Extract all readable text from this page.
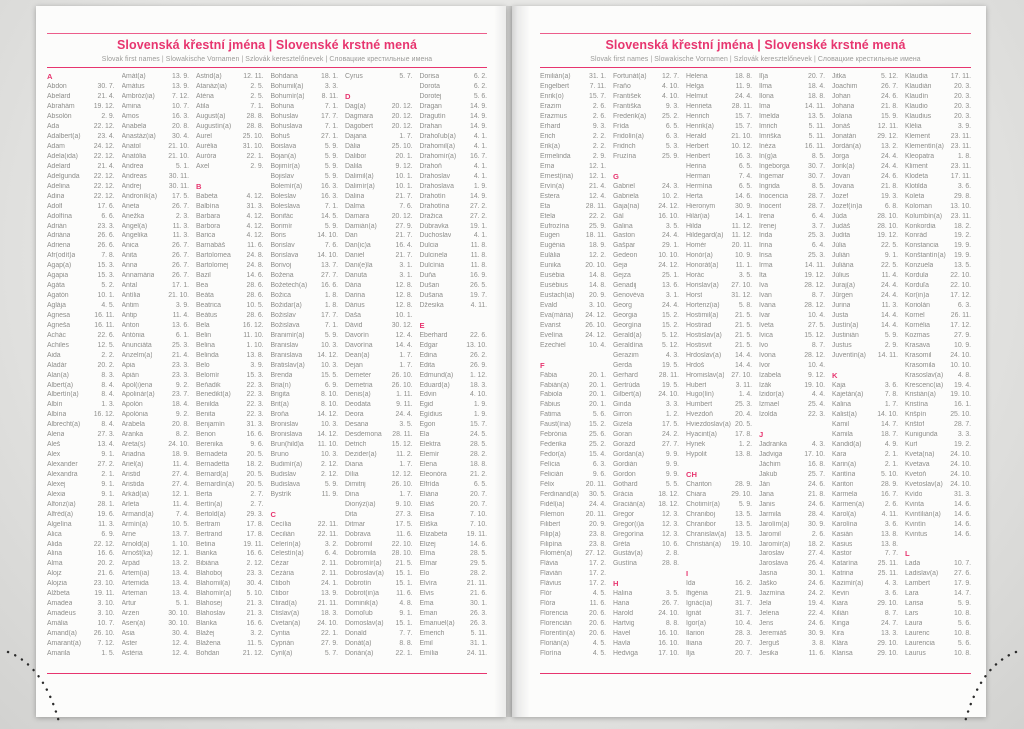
Slovenská křestní jména | Slovenské krstné mená
Slovak first names | Slowakische Vornamen | Szlovák keresztelőnevek | Словацкие крестильные имена
A
Abdon	30. 7.
Abelard	21. 4.
Abrahám	19. 12.
Absolón	2. 9.
Ada	22. 12.
Adalbert(a) 23. 4.
Adam	24. 12.
Adela(ida) 22. 12.
Adelard	21. 4.
Adelgunda 22. 12.
Adelina	22. 12.
Adina	22. 12.
Adolf	17. 6.
Adolfína	6. 6.
Adrián	23. 3.
Adriána	26. 6.
Adriena	26. 6.
Afr(odít)a	7. 8.
Agap(a)	15. 3.
Agapia	15. 3.
Agáta	5. 2.
Agatón	10. 1.
Aglája	4. 5.
Agnesa	16. 11.
Agneša	16. 11.
Achác	22. 6.
Achiles	12. 5.
Aida	2. 2.
Aladár	20. 2.
Alan(a)	8. 3.
Albert(a)	8. 4.
Albertín(a)	8. 4.
Albín	1. 3.
Albína	16. 12.
Albrecht(a)	8. 4.
Alena	27. 3.
Aleš	13. 4.
Alex	9. 1.
Alexander	27. 2.
Alexandra	2. 1.
Alexej	9. 1.
Alexia	9. 1.
Alfonz(ia)	28. 1.
Alfréd(a)	19. 6.
Algelína	11. 3.
Alica	6. 9.
Alida	22. 12.
Alina	16. 6.
Alma	20. 2.
Alojz	21. 6.
Alojzia	23. 10.
Alžbeta	19. 11.
Amadea	3. 10.
Amadeus	3. 10.
Amália	10. 7.
Amand(a) 26. 10.
Amarant(a) 7. 12.
Amarila	1. 5.
Amát(a)	13. 9.
Amátus	13. 9.
Ambróz(ia)	7. 12.
Amina	10. 7.
Amos	16. 3.
Anabela	20. 8.
Anastáz(ia) 30. 4.
Anatol	21. 10.
Anatólia	21. 10.
Andrea	5. 1.
Andreas	30. 11.
Andrej	30. 11.
Androník(a) 17. 5.
Aneta	26. 7.
Anežka	2. 3.
Angel(a)	11. 3.
Angelika	11. 3.
Anica	26. 7.
Anita	26. 7.
Anna	26. 7.
Annamária	26. 7.
Antal	17. 1.
Antília	21. 10.
Antim	3. 9.
Antip	11. 4.
Anton	13. 6.
Antónia	6. 1.
Anunciáta	25. 3.
Anzelm(a)	21. 4.
Apia	23. 3.
Apián	23. 3.
Apol(i)ena	9. 2.
Apolinár(a)	23. 7.
Apolón	18. 4.
Apolónia	9. 2.
Arabela	20. 8.
Aranka	8. 2.
Areta(s)	24. 10.
Ariadna	18. 9.
Ariel(a)	11. 4.
Aristid	27. 4.
Aristida	27. 4.
Arkád(ia)	12. 1.
Arleta	11. 4.
Armand(a)	7. 4.
Armín(a)	10. 5.
Arne	13. 7.
Arnold(a)	1. 10.
Arnošt(ka)	12. 1.
Arpád	13. 2.
Artem(ia)	13. 4.
Artemida	13. 4.
Arteman	13. 4.
Artur	5. 1.
Arzen	30. 10.
Asen(a)	30. 10.
Asia	30. 4.
Aster	12. 4.
Astéria	12. 4.
Astrid(a)	12. 11.
Atanáz(ia)	2. 5.
Aténa	2. 5.
Atila	7. 1.
August(a)	28. 8.
Augustín(a) 28. 8.
Aurel	25. 10.
Aurélia	31. 10.
Auróra	22. 1.
Axel	2. 9.
B
Babeta	4. 12.
Balbína	31. 3.
Barbara	4. 12.
Barbora	4. 12.
Barica	4. 12.
Barnabáš	11. 6.
Bartolomea 24. 8.
Bartolomej	24. 8.
Bazil	14. 6.
Bea	28. 6.
Beáta	28. 6.
Beatrica	10. 5.
Beátus	28. 6.
Bela	16. 12.
Belin	11. 10.
Belina	1. 10.
Belinda	13. 8.
Belo	3. 9.
Belomír	15. 3.
Beňadik	22. 3.
Benedikt(a) 22. 3.
Benilda	22. 3.
Benita	22. 3.
Benjamín	31. 3.
Benon	16. 6.
Berenika	9. 6.
Bernadeta	20. 5.
Bernadetta	18. 2.
Bernard(a)	20. 5.
Bernardín(a) 20. 5.
Berta	2. 7.
Bertín(a)	2. 7.
Bertold(a)	29. 3.
Bertram	17. 8.
Bertrand	17. 8.
Betina	19. 11.
Bianka	16. 6.
Bibiána	2. 12.
Blahoboj	23. 3.
Blahomil(a) 30. 4.
Blahomír(a) 5. 10.
Blahosej	21. 3.
Blahoslav	21. 3.
Blanka	16. 6.
Blažej	3. 2.
Blažena	11. 5.
Bohdan	21. 12.
Bohdana	18. 1.
Bohumil(a)	3. 3.
Bohumír(a) 8. 11.
Bohuna	7. 1.
Bohuslav	17. 7.
Bohuslava	7. 1.
Bohuš	27. 1.
Boislava	5. 9.
Bojan(a)	5. 9.
Bojimír(a)	5. 9.
Bojislav	5. 9.
Bolemír(a)	16. 3.
Boleslav	16. 3.
Boleslava	7. 1.
Bonifác	14. 5.
Borimír	5. 9.
Boris	14. 10.
Borislav	7. 6.
Borislava	14. 10.
Borivoj	13. 7.
Božena	27. 7.
Božetech(a) 16. 6.
Božica	1. 8.
Božidar(a)	1. 8.
Božislav	17. 7.
Božislava	7. 1.
Branimír(a)	5. 9.
Branislav	10. 3.
Branislava 14. 12.
Bratislav(a) 10. 3.
Brenda	15. 5.
Bria(n)	6. 9.
Brigita	8. 10.
Brit(a)	8. 10.
Broňa	14. 12.
Bronislav	10. 3.
Bronislava 14. 12.
Brun(hild)a 11. 10.
Bruno	10. 3.
Budimír(a)	2. 12.
Budislav	2. 12.
Budislava	5. 9.
Bystrík	11. 9.
C
Cecília	22. 11.
Cecilián	22. 11.
Celerín(a)	3. 2.
Celestín(a)	6. 4.
Cézar	2. 11.
Cezária	2. 11.
Ctiboh	24. 1.
Ctibor	13. 9.
Ctirad(a)	21. 11.
Ctislav(a)	18. 3.
Cvetan(a) 24. 10.
Cyntia	22. 1.
Cyprián	27. 9.
Cyril(a)	5. 7.
Cyrus	5. 7.
D
Dag(a)	20. 12.
Dagmara	20. 12.
Dagobert	20. 12.
Dajana	1. 7.
Dália	25. 10.
Dalibor	20. 1.
Dalila	9. 12.
Dalimil(a)	10. 1.
Dalimír(a)	10. 1.
Dalina	21. 7.
Dalma	7. 6.
Damara	20. 12.
Damián(a)	27. 9.
Dan	21. 7.
Dan(ic)a	16. 4.
Daniel	21. 7.
Dani(e)la	3. 1.
Danuta	3. 1.
Dária	12. 8.
Darina	12. 8.
Dárius	12. 8.
Daša	10. 1.
Dávid	30. 12.
Davorín	12. 4.
Davorína	14. 4.
Dean(a)	1. 7.
Dejan	1. 7.
Demeter	26. 10.
Demetria	26. 10.
Denis(a)	1. 11.
Deodata	9. 11.
Deora	24. 4.
Desana	3. 5.
Desdemona 28. 11.
Detrich	15. 12.
Dezider(a)	11. 2.
Diana	1. 7.
Dília	12. 12.
Dimitrij	26. 10.
Dina	1. 7.
Dionýz(ia)	9. 10.
Dita	27. 3.
Ditmar	17. 5.
Dobrava	11. 6.
Dobromil	22. 10.
Dobromila 28. 10.
Dobromír(a) 21. 5.
Dobroslav(a) 15. 1.
Dobrotín	15. 1.
Dobrot(in)a 11. 6.
Dominik(a)	4. 8.
Domoľub	9. 1.
Domoslav(a) 15. 1.
Donald	7. 7.
Donát(a)	8. 8.
Dorián(a)	22. 1.
Dorisa	6. 2.
Dorota	6. 2.
Dorotej	5. 6.
Dragan	14. 9.
Dragutín	14. 9.
Drahan	14. 9.
Drahoľub(a)	4. 1.
Drahomil(a)	4. 1.
Drahomír(a) 16. 7.
Drahoň	4. 1.
Drahoslav	4. 1.
Drahoslava	1. 9.
Drahotín	14. 9.
Drahotína	27. 2.
Dražica	27. 2.
Dúbravka	19. 1.
Duchoslav	4. 1.
Dulcia	11. 8.
Dulcinela	11. 8.
Dulcínia	11. 8.
Duňa	16. 9.
Dušan	26. 5.
Dušana	19. 7.
Džesika	4. 11.
E
Eberhard	22. 6.
Edgar	13. 10.
Edina	26. 2.
Edita	26. 9.
Edmund(a) 1. 12.
Eduard(a)	18. 3.
Edvin	4. 10.
Egid	1. 9.
Egídius	1. 9.
Egon	15. 7.
Ela	24. 5.
Elektra	28. 5.
Elemír	28. 2.
Elena	18. 8.
Eleonóra	21. 2.
Elfrída	6. 5.
Eliána	20. 7.
Eliáš	20. 7.
Elisa	7. 10.
Eliška	7. 10.
Elizabeta	19. 11.
Elizej	14. 6.
Elma	28. 5.
Elmar	29. 5.
Elo	28. 2.
Elvíra	21. 11.
Elvis	21. 6.
Ema	30. 1.
Eman	26. 3.
Emanuel(a) 26. 3.
Emerich	5. 11.
Emil	31. 1.
Emília	24. 11.
Slovenská křestní jména | Slovenské krstné mená
Slovak first names | Slowakische Vornamen | Szlovák keresztelőnevek | Словацкие крестильные имена
Emilián(a)	31. 1.
Engelbert	7. 11.
Enrik(o)	15. 7.
Erazim	2. 6.
Erazmus	2. 6.
Erhard	9. 3.
Erich	2. 2.
Erik(a)	2. 2.
Ermelinda	2. 9.
Erna	12. 1.
Ernest(ina) 12. 1.
Ervín(a)	21. 4.
Estera	12. 4.
Eta	28. 11.
Etela	22. 2.
Eufrozína	25. 9.
Eugen	18. 11.
Eugénia	18. 9.
Eulália	12. 2.
Eunika	20. 10.
Eusébia	14. 8.
Eusébius	14. 8.
Eustach(ia) 20. 9.
Evald	3. 10.
Eva(mária) 24. 12.
Evarist	26. 10.
Evelína	24. 12.
Ezechiel	10. 4.
F
Fábia	20. 1.
Fabián(a)	20. 1.
Fabiola	20. 1.
Fábius	20. 1.
Fatima	5. 6.
Faust(ína)	15. 2.
Febrónia	25. 6.
Federika	25. 2.
Fedor(a)	15. 4.
Felícia	6. 3.
Felicián	9. 6.
Félix	20. 11.
Ferdinand(a) 30. 5.
Fidél(ia)	24. 4.
Filemon	20. 11.
Filibert	20. 9.
Filip(a)	23. 8.
Filipína	23. 8.
Filomén(a) 27. 12.
Flávia	17. 2.
Flavián	17. 2.
Flávius	17. 2.
Flór	4. 5.
Flóra	11. 6.
Florencia	20. 6.
Florencián	20. 6.
Florentín(a) 20. 6.
Florián(a)	4. 5.
Florína	4. 5.
Fortunát(a) 12. 7.
Fraňo	4. 10.
František	4. 10.
Františka	9. 3.
Frederik(a) 25. 2.
Frída	6. 5.
Fridolín(a)	6. 3.
Fridrich	5. 3.
Fruzína	25. 9.
G
Gabriel	24. 3.
Gabriela	10. 2.
Gaja(na)	24. 12.
Gál	16. 10.
Galina	3. 5.
Gaston	24. 4.
Gašpar	29. 1.
Gedeon	10. 10.
Geja	24. 12.
Gejza	25. 1.
Genadij	13. 6.
Genovéva	3. 1.
Georg	24. 4.
Georgia	15. 2.
Georgína	15. 2.
Gerald(a)	5. 12.
Geraldína	5. 12.
Gerazim	4. 3.
Gerda	19. 5.
Gerhard	28. 11.
Gertrúda	19. 5.
Gilbert(a) 24. 10.
Ginda	3. 3.
Girron	1. 2.
Gizela	17. 5.
Goran	24. 2.
Gorazd	27. 7.
Gordan(a)	9. 9.
Gordián	9. 9.
Gordon	9. 9.
Gothard	5. 5.
Grácia	18. 12.
Gracián(a) 18. 12.
Gregor	12. 3.
Gregor(i)a	12. 3.
Gregorína	12. 3.
Gréta	10. 6.
Gustáv(a)	2. 8.
Gustína	28. 8.
H
Halina	3. 5.
Hana	26. 7.
Harold	24. 10.
Hartvig	8. 8.
Havel	16. 10.
Havla	16. 10.
Hedviga	17. 10.
Helena	18. 8.
Helga	11. 9.
Helmut	24. 4.
Henrieta	28. 11.
Henrich	15. 7.
Henrik(a)	15. 7.
Herald	21. 10.
Herbert	10. 12.
Heribert	16. 3.
Herina	6. 5.
Herman	7. 4.
Hermína	6. 5.
Herta	14. 6.
Hieronym	30. 9.
Hilár(ia)	14. 1.
Hilda	11. 12.
Hildegard(a) 11. 12.
Homér	20. 11.
Honór(a)	10. 9.
Honorát(a) 11. 1.
Horác	3. 5.
Horislav(a) 27. 10.
Horst	31. 12.
Hortenz(ia)	5. 8.
Hostimil(a) 21. 5.
Hostirad	21. 5.
Hostislav(a) 21. 5.
Hostisvit	21. 5.
Hrdoslav(a) 14. 4.
Hrdoš	14. 4.
Hromislav(a) 27. 10.
Hubert	3. 11.
Hugo(lín)	1. 4.
Humbert	25. 3.
Hvezdoň	20. 4.
Hviezdoslav(a) 20. 5.
Hyacint(a)	17. 8.
Hynek	1. 2.
Hypolit	13. 8.
CH
Chariton	28. 9.
Chiara	29. 10.
Chotimír(a)	5. 9.
Chraniboj	13. 5.
Chranibor	13. 5.
Chranislav(a) 13. 5.
Christián(a) 19. 10.
I
Ida	16. 2.
Ifigénia	21. 9.
Ignác(ia)	31. 7.
Ignát	31. 7.
Igor(a)	10. 4.
Ilarion	28. 3.
Iliana	20. 7.
Ilja	20. 7.
Iľja	20. 7.
Ilma	18. 4.
Ilona	18. 8.
Ima	14. 11.
Imelda	13. 5.
Imrich	5. 11.
Imriška	5. 11.
Inéza	16. 11.
In(g)a	8. 5.
Ingeborga	30. 7.
Ingemar	30. 7.
Ingrida	8. 5.
Inocencia	28. 7.
Inocent	28. 7.
Irena	6. 4.
Irenej	3. 7.
Irida	25. 3.
Irina	6. 4.
Irisa	25. 3.
Irma	14. 11.
Ita	19. 12.
Iva	28. 12.
Ivan	8. 7.
Ivana	28. 12.
Ivar	10. 4.
Iveta	27. 5.
Ivica	15. 12.
Ivo	8. 7.
Ivona	28. 12.
Ivor	10. 4.
Izabela	9. 12.
Izák	19. 10.
Izidor(a)	4. 4.
Izmael	25. 4.
Izolda	22. 3.
J
Jadranka	4. 3.
Jadviga	17. 10.
Jáchim	16. 8.
Jakub	25. 7.
Ján	24. 6.
Jana	21. 8.
Janis	24. 6.
Jarmila	28. 4.
Jarolím(a)	30. 9.
Jaromil	2. 6.
Jaromír(a)	18. 2.
Jaroslav	27. 4.
Jaroslava	26. 4.
Jasna	30. 1.
Jaško	24. 6.
Jazmína	24. 2.
Jela	19. 4.
Jelena	22. 4.
Jens	24. 6.
Jeremiáš	30. 9.
Jerguš	3. 8.
Jesika	11. 6.
Jitka	5. 12.
Joachim	26. 7.
Johan	24. 6.
Johana	21. 8.
Jolana	15. 9.
Jonáš	12. 11.
Jonatán	29. 12.
Jordán(a)	13. 2.
Jorga	24. 4.
Jorik(a)	24. 4.
Jovan	24. 6.
Jovana	21. 8.
Jozef	19. 3.
Jozef(ín)a	6. 8.
Júda	28. 10.
Judáš	28. 10.
Judita	19. 12.
Júlia	22. 5.
Julián	9. 1.
Juliána	22. 5.
Július	11. 4.
Juraj(a)	24. 4.
Jürgen	24. 4.
Jurina	11. 3.
Justa	14. 4.
Justín(a)	14. 4.
Justinián	5. 9.
Justus	2. 9.
Juventín(a) 14. 11.
K
Kaja	3. 6.
Kajetán(a)	7. 8.
Kalina	1. 7.
Kalist(a)	14. 10.
Kamil	14. 7.
Kamila	18. 7.
Kandid(a)	4. 9.
Kara	2. 1.
Karin(a)	2. 1.
Karitína	5. 10.
Kariton	28. 9.
Karmela	16. 7.
Karmen(a)	2. 6.
Karol(a)	4. 11.
Karolína	3. 6.
Kasián	13. 8.
Kasius	13. 8.
Kastor	7. 7.
Katarína	25. 11.
Katrina	25. 11.
Kazimír(a)	4. 3.
Kevin	3. 6.
Kiara	29. 10.
Kilián	8. 7.
Kinga	24. 7.
Kira	13. 3.
Klára	29. 10.
Klarisa	29. 10.
Klaudia	17. 11.
Klaudián	20. 3.
Klaudín	20. 3.
Klaudio	20. 3.
Klaudius	20. 3.
Klélia	3. 9.
Klement	23. 11.
Klementín(a) 23. 11.
Kleopatra	1. 8.
Kliment	23. 11.
Klodeta	17. 11.
Klotilda	3. 6.
Koleta	29. 8.
Koloman	13. 10.
Kolumbín(a) 23. 11.
Konkordia	18. 2.
Konrád	19. 2.
Konstancia 19. 9.
Konštantín(a) 19. 9.
Konzuela	13. 5.
Kordula	22. 10.
Korduľa	22. 10.
Kor(in)a	17. 12.
Koriolán	6. 3.
Kornel	26. 11.
Kornélia	17. 12.
Kozmas	27. 9.
Krasava	10. 9.
Krasomil	24. 10.
Krasomila 10. 10.
Krasoslav(a) 4. 8.
Krescenc(ia) 19. 4.
Kristián(a) 19. 10.
Kristína	16. 1.
Krišpín	25. 10.
Krištof	28. 7.
Kunigunda	3. 3.
Kurt	19. 2.
Kveta(na) 24. 10.
Kvetava	24. 10.
Kvetoň	24. 10.
Kvetoslav(a) 24. 10.
Kvído	31. 3.
Kvinta	14. 6.
Kvintílián(a) 14. 6.
Kvintín	14. 6.
Kvintus	14. 6.
L
Lada	10. 7.
Ladislav(a) 27. 6.
Lambert	17. 9.
Lara	14. 7.
Larisa	5. 9.
Lars	10. 8.
Laura	5. 6.
Laurenc	10. 8.
Laurencia	5. 6.
Laurus	10. 8.
